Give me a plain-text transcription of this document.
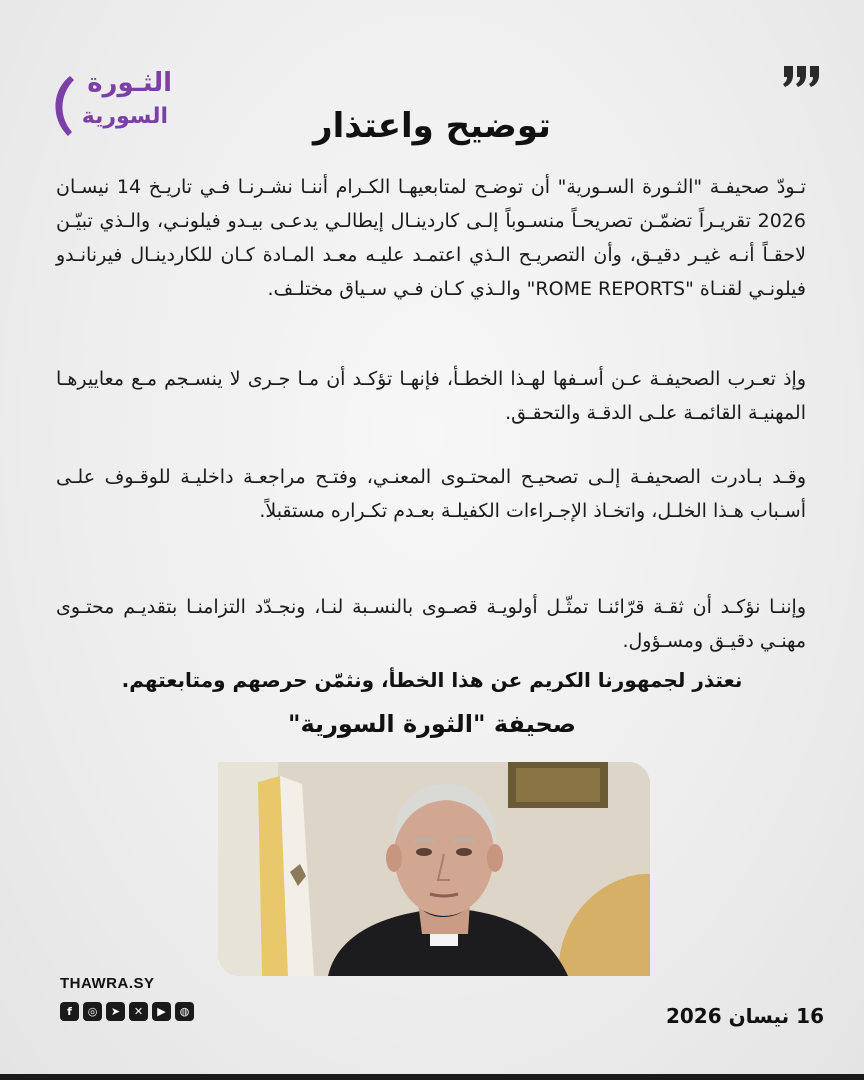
الثـورة
السورية	توضيح واعتذار
تـودّ صحيفـة "الثـورة السـورية" أن توضـح لمتابعيهـا الكـرام أننـا نشـرنـا فـي تاريـخ 14 نيسـان 2026 تقريـراً تضمّـن تصريحـاً منسـوباً إلـى كاردينـال إيطالـي يدعـى بيـدو فيلونـي، والـذي تبيّـن لاحقـاً أنـه غيـر دقيـق، وأن التصريـح الـذي اعتمـد عليـه معـد المـادة كـان للكاردينـال فيرنانـدو فيلونـي لقنـاة "ROME REPORTS" والـذي كـان فـي سـياق مختلـف.
وإذ تعـرب الصحيفـة عـن أسـفها لهـذا الخطـأ، فإنهـا تؤكـد أن مـا جـرى لا ينسـجم مـع معاييرهـا المهنيـة القائمـة علـى الدقـة والتحقـق.
وقـد بـادرت الصحيفـة إلـى تصحيـح المحتـوى المعنـي، وفتـح مراجعـة داخليـة للوقـوف علـى أسـباب هـذا الخلـل، واتخـاذ الإجـراءات الكفيلـة بعـدم تكـراره مستقبلاً.
وإننـا نؤكـد أن ثقـة قرّائنـا تمثّـل أولويـة قصـوى بالنسـبة لنـا، ونجـدّد التزامنـا بتقديـم محتـوى مهنـي دقيـق ومسـؤول.
نعتذر لجمهورنا الكريم عن هذا الخطأ، ونثمّن حرصهم ومتابعتهم.
صحيفة "الثورة السورية"
THAWRA.SY
f	◎	➤	✕	▶	◍	16 نيسان 2026
